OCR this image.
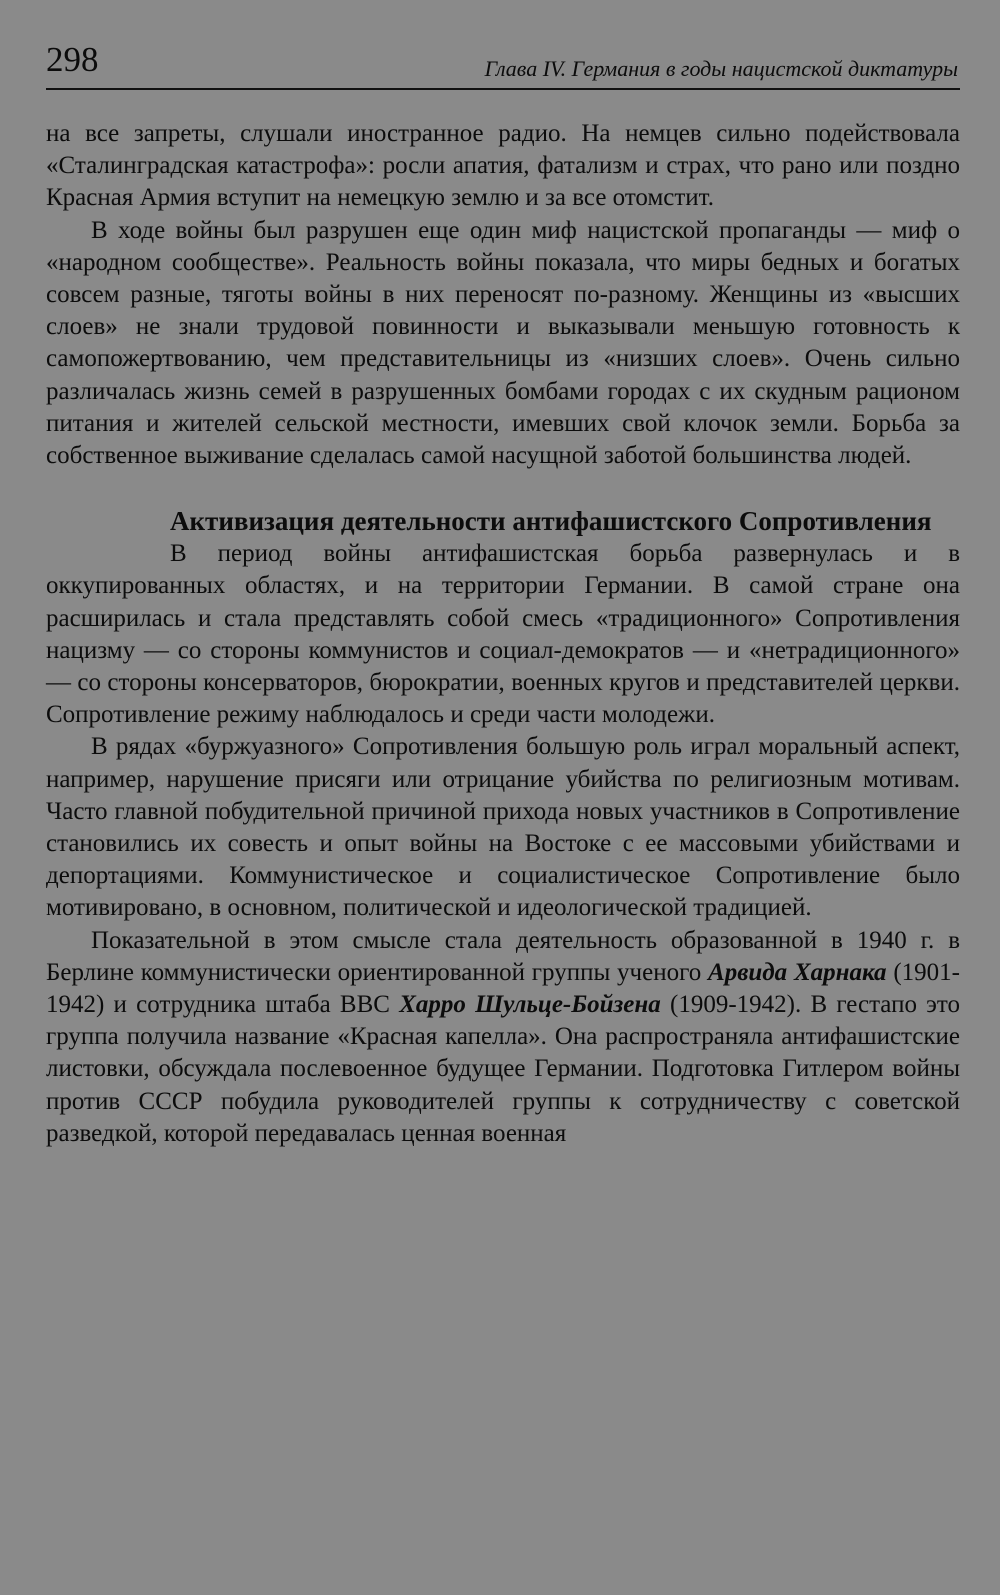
298	Глава IV. Германия в годы нацистской диктатуры

на все запреты, слушали иностранное радио. На немцев сильно подействовала «Сталинградская катастрофа»: росли апатия, фатализм и страх, что рано или поздно Красная Армия вступит на немецкую землю и за все отомстит.

В ходе войны был разрушен еще один миф нацистской пропаганды — миф о «народном сообществе». Реальность войны показала, что миры бедных и богатых совсем разные, тяготы войны в них переносят по-разному. Женщины из «высших слоев» не знали трудовой повинности и выказывали меньшую готовность к самопожертвованию, чем представительницы из «низших слоев». Очень сильно различалась жизнь семей в разрушенных бомбами городах с их скудным рационом питания и жителей сельской местности, имевших свой клочок земли. Борьба за собственное выживание сделалась самой насущной заботой большинства людей.

Активизация деятельности антифашистского Сопротивления

В период войны антифашистская борьба развернулась и в оккупированных областях, и на территории Германии. В самой стране она расширилась и стала представлять собой смесь «традиционного» Сопротивления нацизму — со стороны коммунистов и социал-демократов — и «нетрадиционного» — со стороны консерваторов, бюрократии, военных кругов и представителей церкви. Сопротивление режиму наблюдалось и среди части молодежи.

В рядах «буржуазного» Сопротивления большую роль играл моральный аспект, например, нарушение присяги или отрицание убийства по религиозным мотивам. Часто главной побудительной причиной прихода новых участников в Сопротивление становились их совесть и опыт войны на Востоке с ее массовыми убийствами и депортациями. Коммунистическое и социалистическое Сопротивление было мотивировано, в основном, политической и идеологической традицией.

Показательной в этом смысле стала деятельность образованной в 1940 г. в Берлине коммунистически ориентированной группы ученого Арвида Харнака (1901-1942) и сотрудника штаба ВВС Харро Шульце-Бойзена (1909-1942). В гестапо это группа получила название «Красная капелла». Она распространяла антифашистские листовки, обсуждала послевоенное будущее Германии. Подготовка Гитлером войны против СССР побудила руководителей группы к сотрудничеству с советской разведкой, которой передавалась ценная военная
